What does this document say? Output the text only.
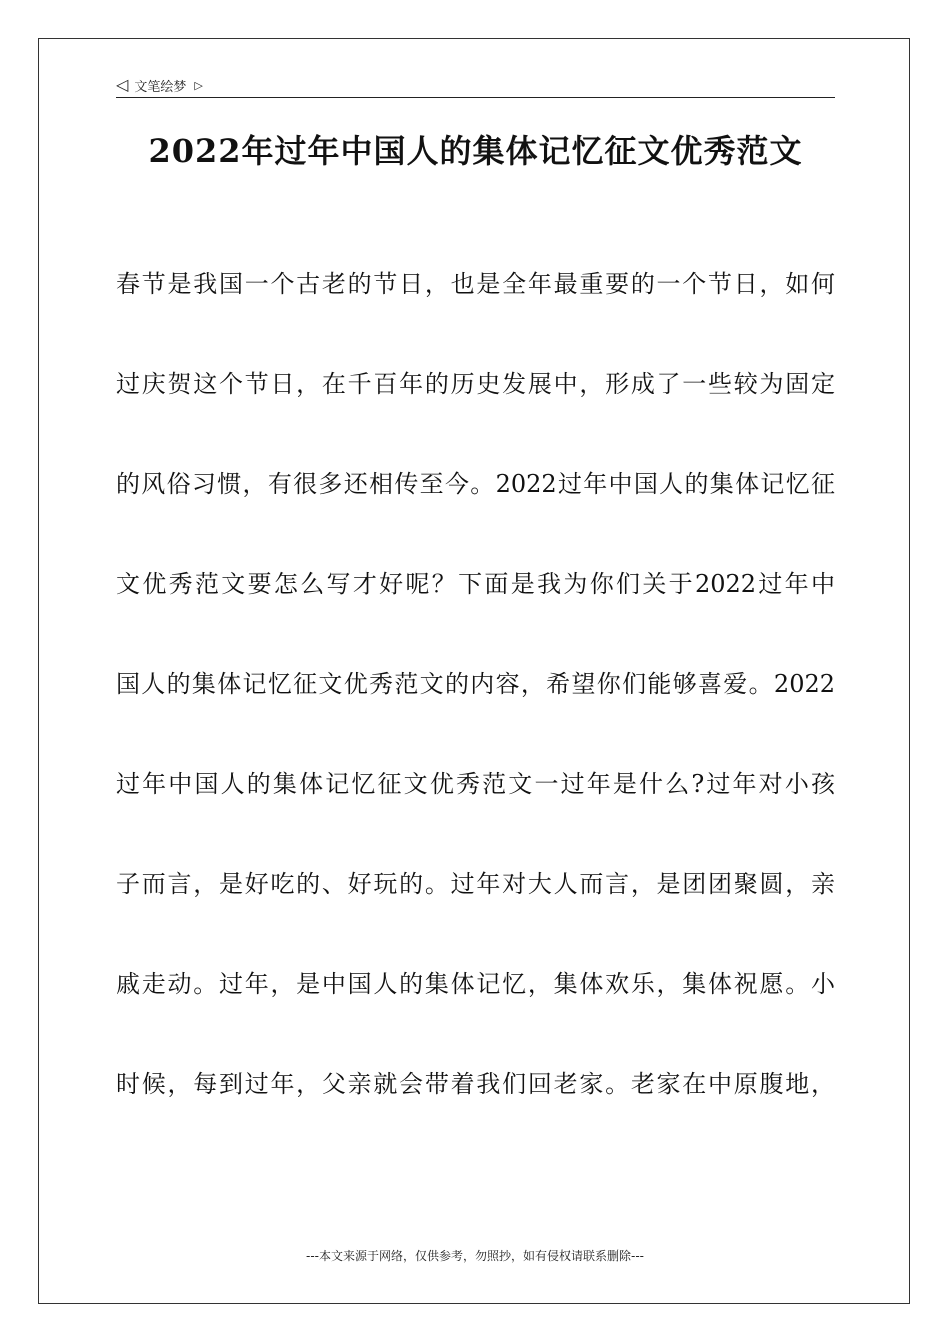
◁ 文笔绘梦 ▷
2022年过年中国人的集体记忆征文优秀范文
春节是我国一个古老的节日，也是全年最重要的一个节日，如何
过庆贺这个节日，在千百年的历史发展中，形成了一些较为固定
的风俗习惯，有很多还相传至今。2022过年中国人的集体记忆征
文优秀范文要怎么写才好呢？下面是我为你们关于2022过年中
国人的集体记忆征文优秀范文的内容，希望你们能够喜爱。2022
过年中国人的集体记忆征文优秀范文一过年是什么?过年对小孩
子而言，是好吃的、好玩的。过年对大人而言，是团团聚圆，亲
戚走动。过年，是中国人的集体记忆，集体欢乐，集体祝愿。小
时候，每到过年，父亲就会带着我们回老家。老家在中原腹地，
---本文来源于网络，仅供参考，勿照抄，如有侵权请联系删除---
